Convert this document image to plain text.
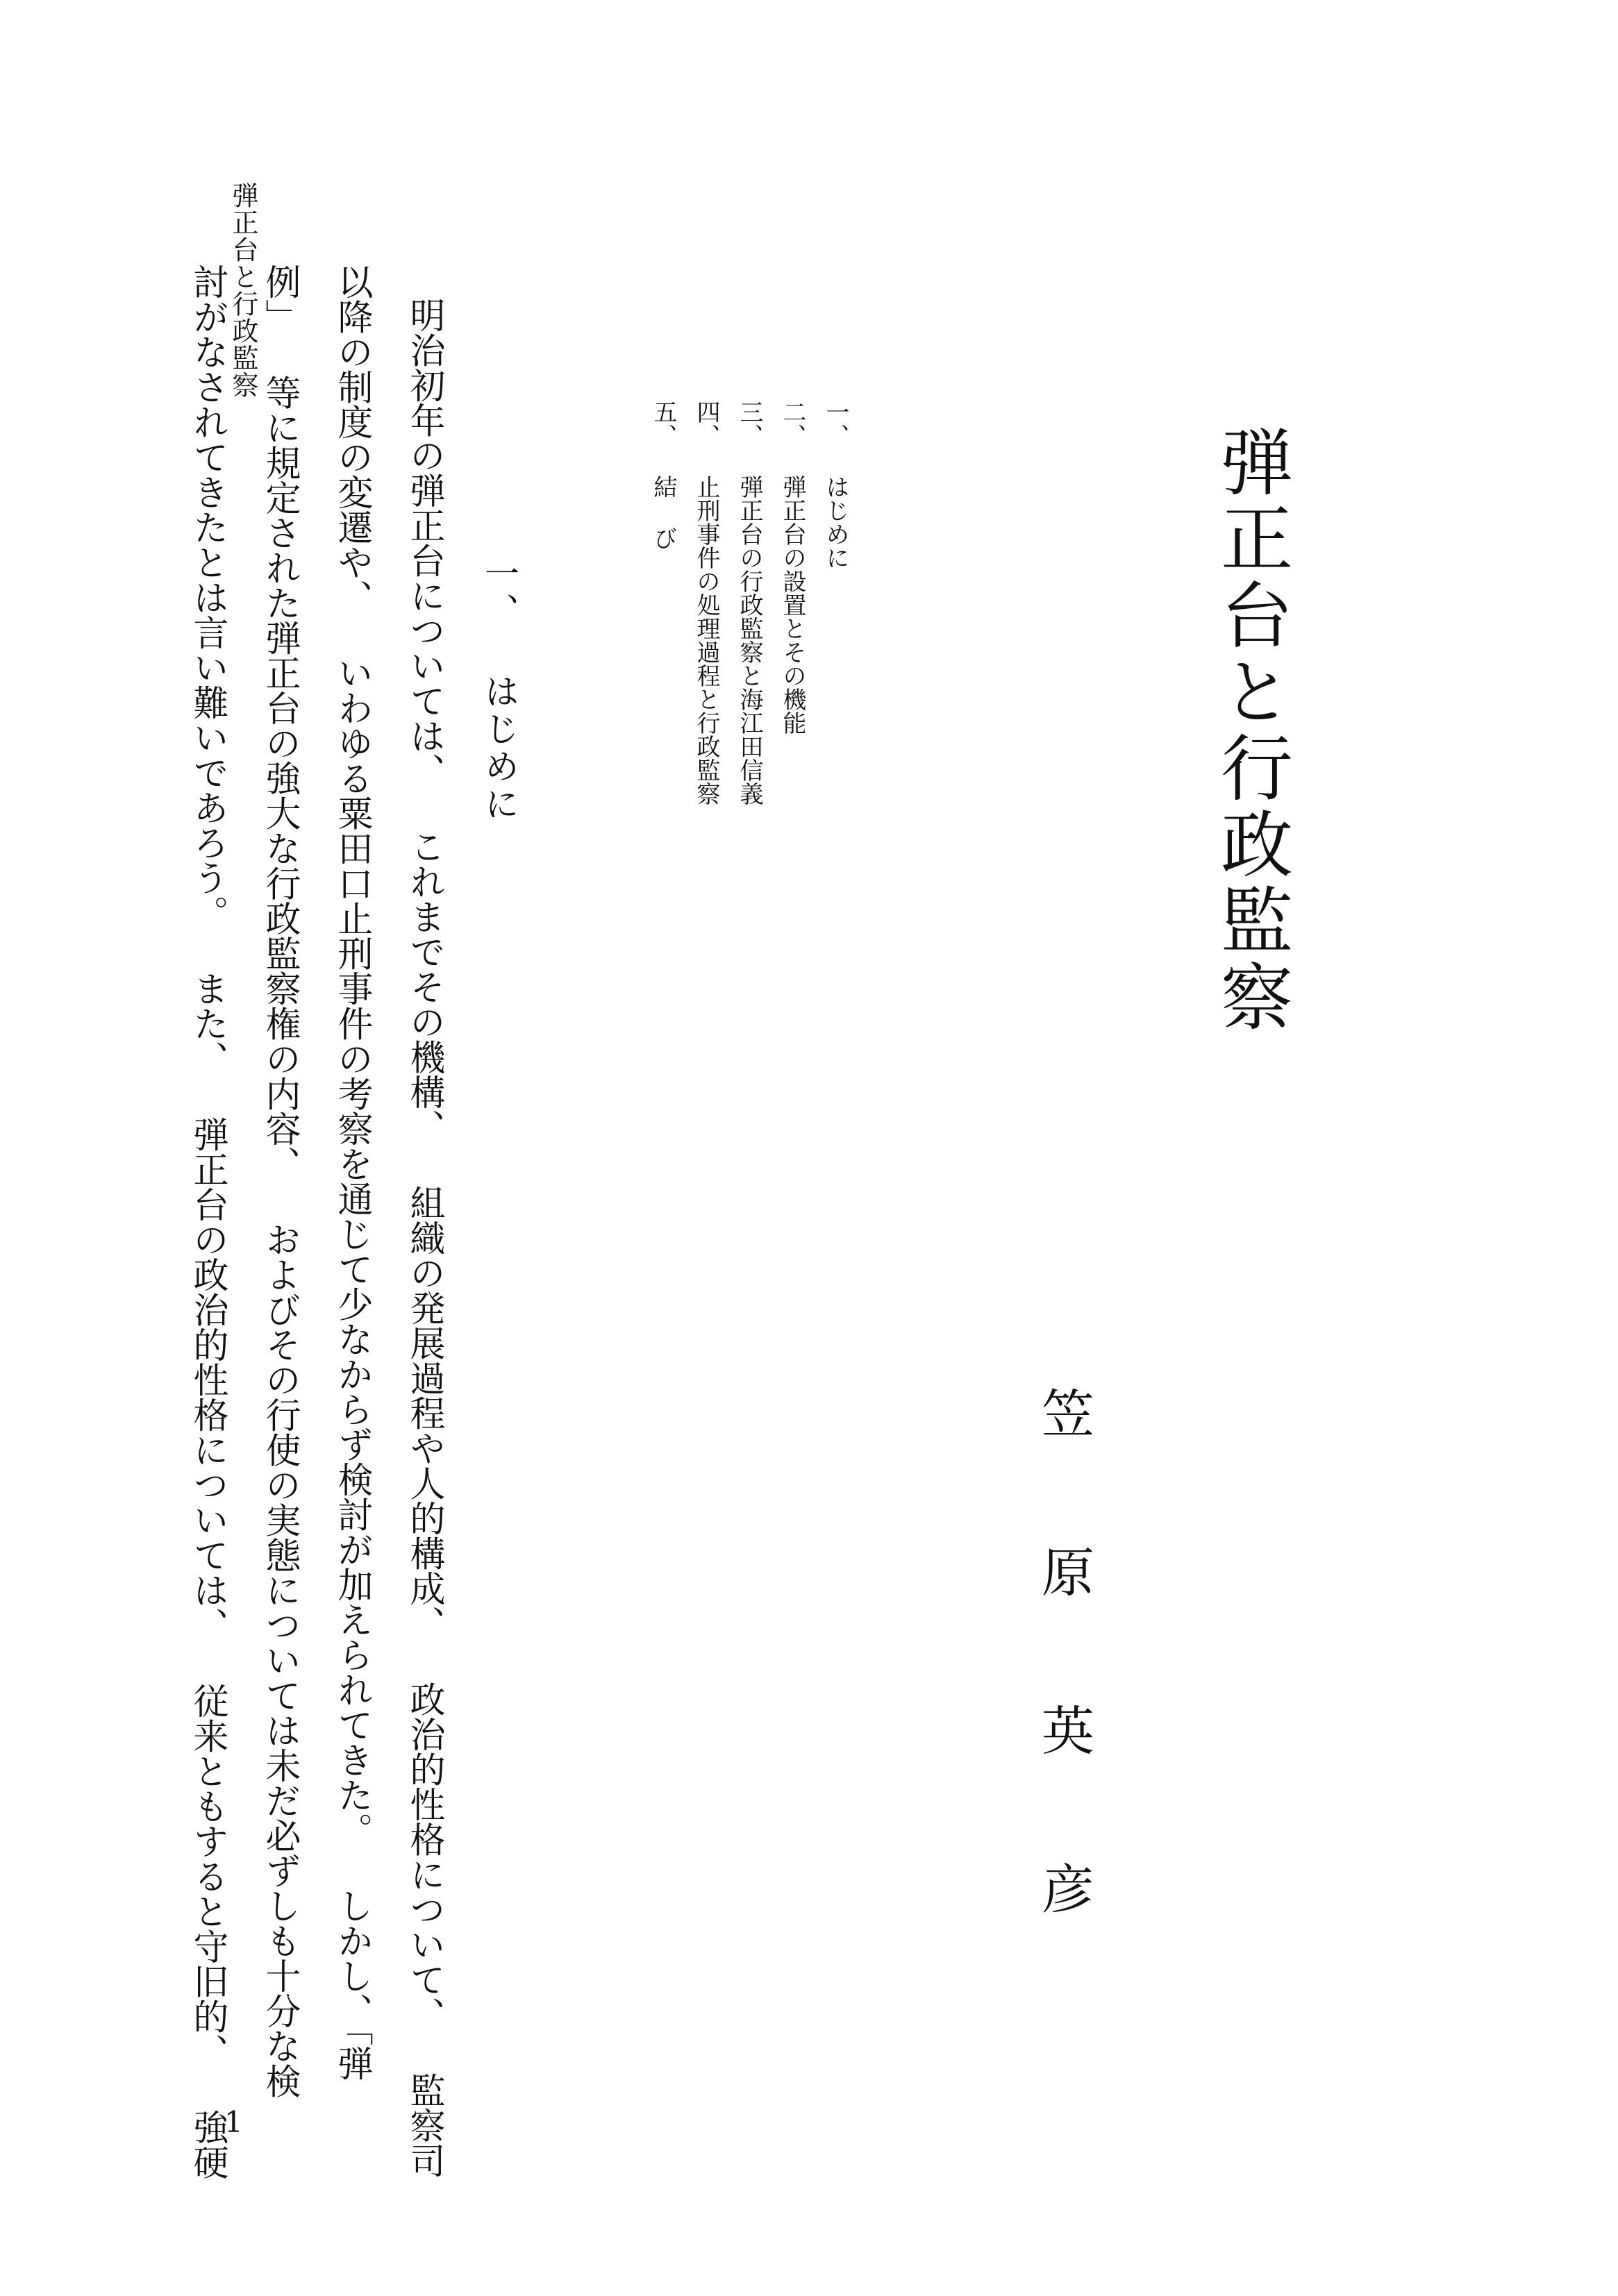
弾正台と行政監察
弾正台と行政監察
笠
原
英
彦
一、 はじめに
二、 弾正台の設置とその機能
三、 弾正台の行政監察と海江田信義
四、 止刑事件の処理過程と行政監察
五、 結 び
一、 はじめに
明治初年の弾正台については、 これまでその機構、 組織の発展過程や人的構成、 政治的性格について、 監察司
以降の制度の変遷や、 いわゆる粟田口止刑事件の考察を通じて少なからず検討が加えられてきた。 しかし、「弾
例」 等に規定された弾正台の強大な行政監察権の内容、 およびその行使の実態については未だ必ずしも十分な検
討がなされてきたとは言い難いであろう。 また、 弾正台の政治的性格については、 従来ともすると守旧的、 強硬
1
